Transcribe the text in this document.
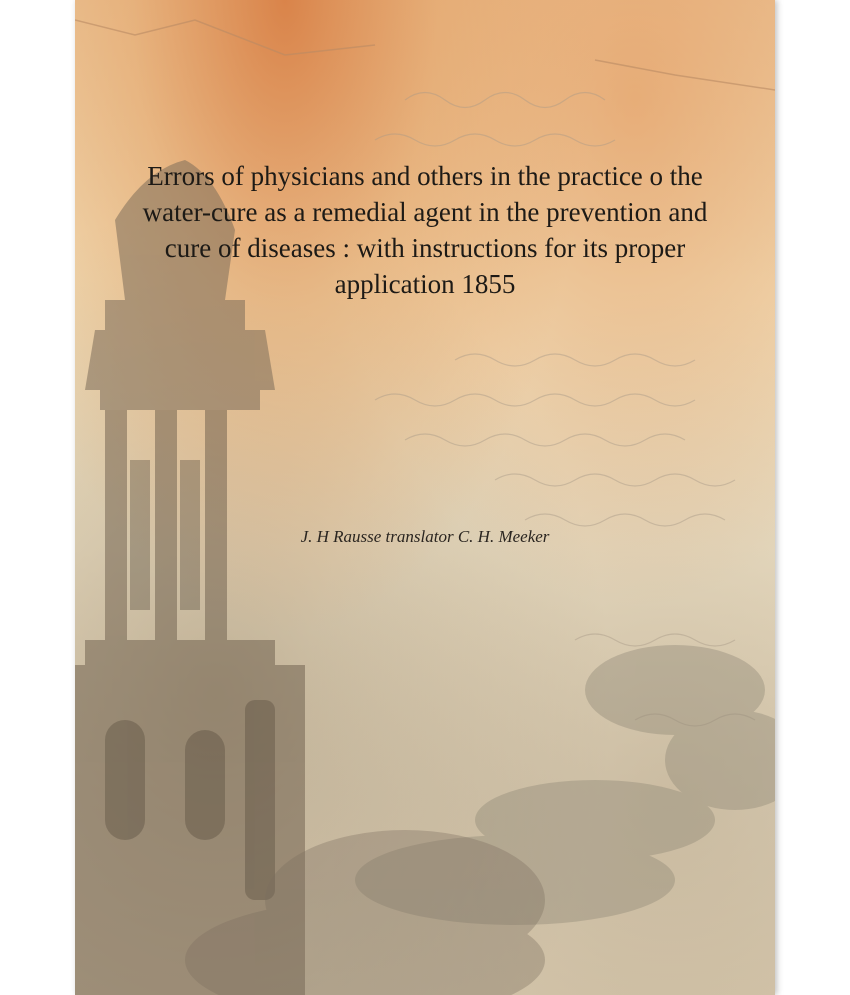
Errors of physicians and others in the practice o the water-cure as a remedial agent in the prevention and cure of diseases : with instructions for its proper application 1855
J. H Rausse translator C. H. Meeker
